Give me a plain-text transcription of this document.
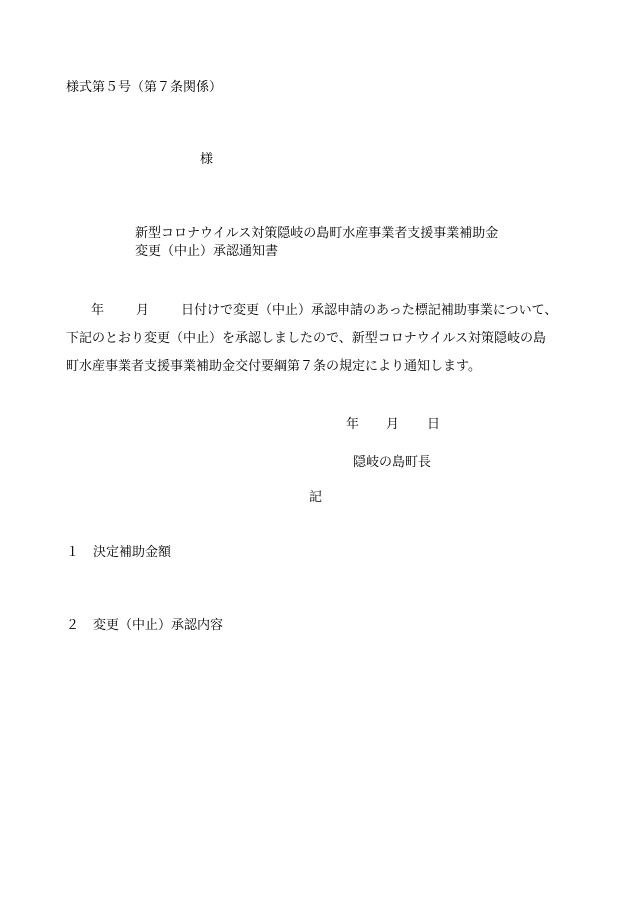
様式第５号（第７条関係）
様
新型コロナウイルス対策隠岐の島町水産事業者支援事業補助金
変更（中止）承認通知書
年 月 日付けで変更（中止）承認申請のあった標記補助事業について、
下記のとおり変更（中止）を承認しましたので、新型コロナウイルス対策隠岐の島
町水産事業者支援事業補助金交付要綱第７条の規定により通知します。
年 月 日
隠岐の島町長
記
１ 決定補助金額
２ 変更（中止）承認内容
